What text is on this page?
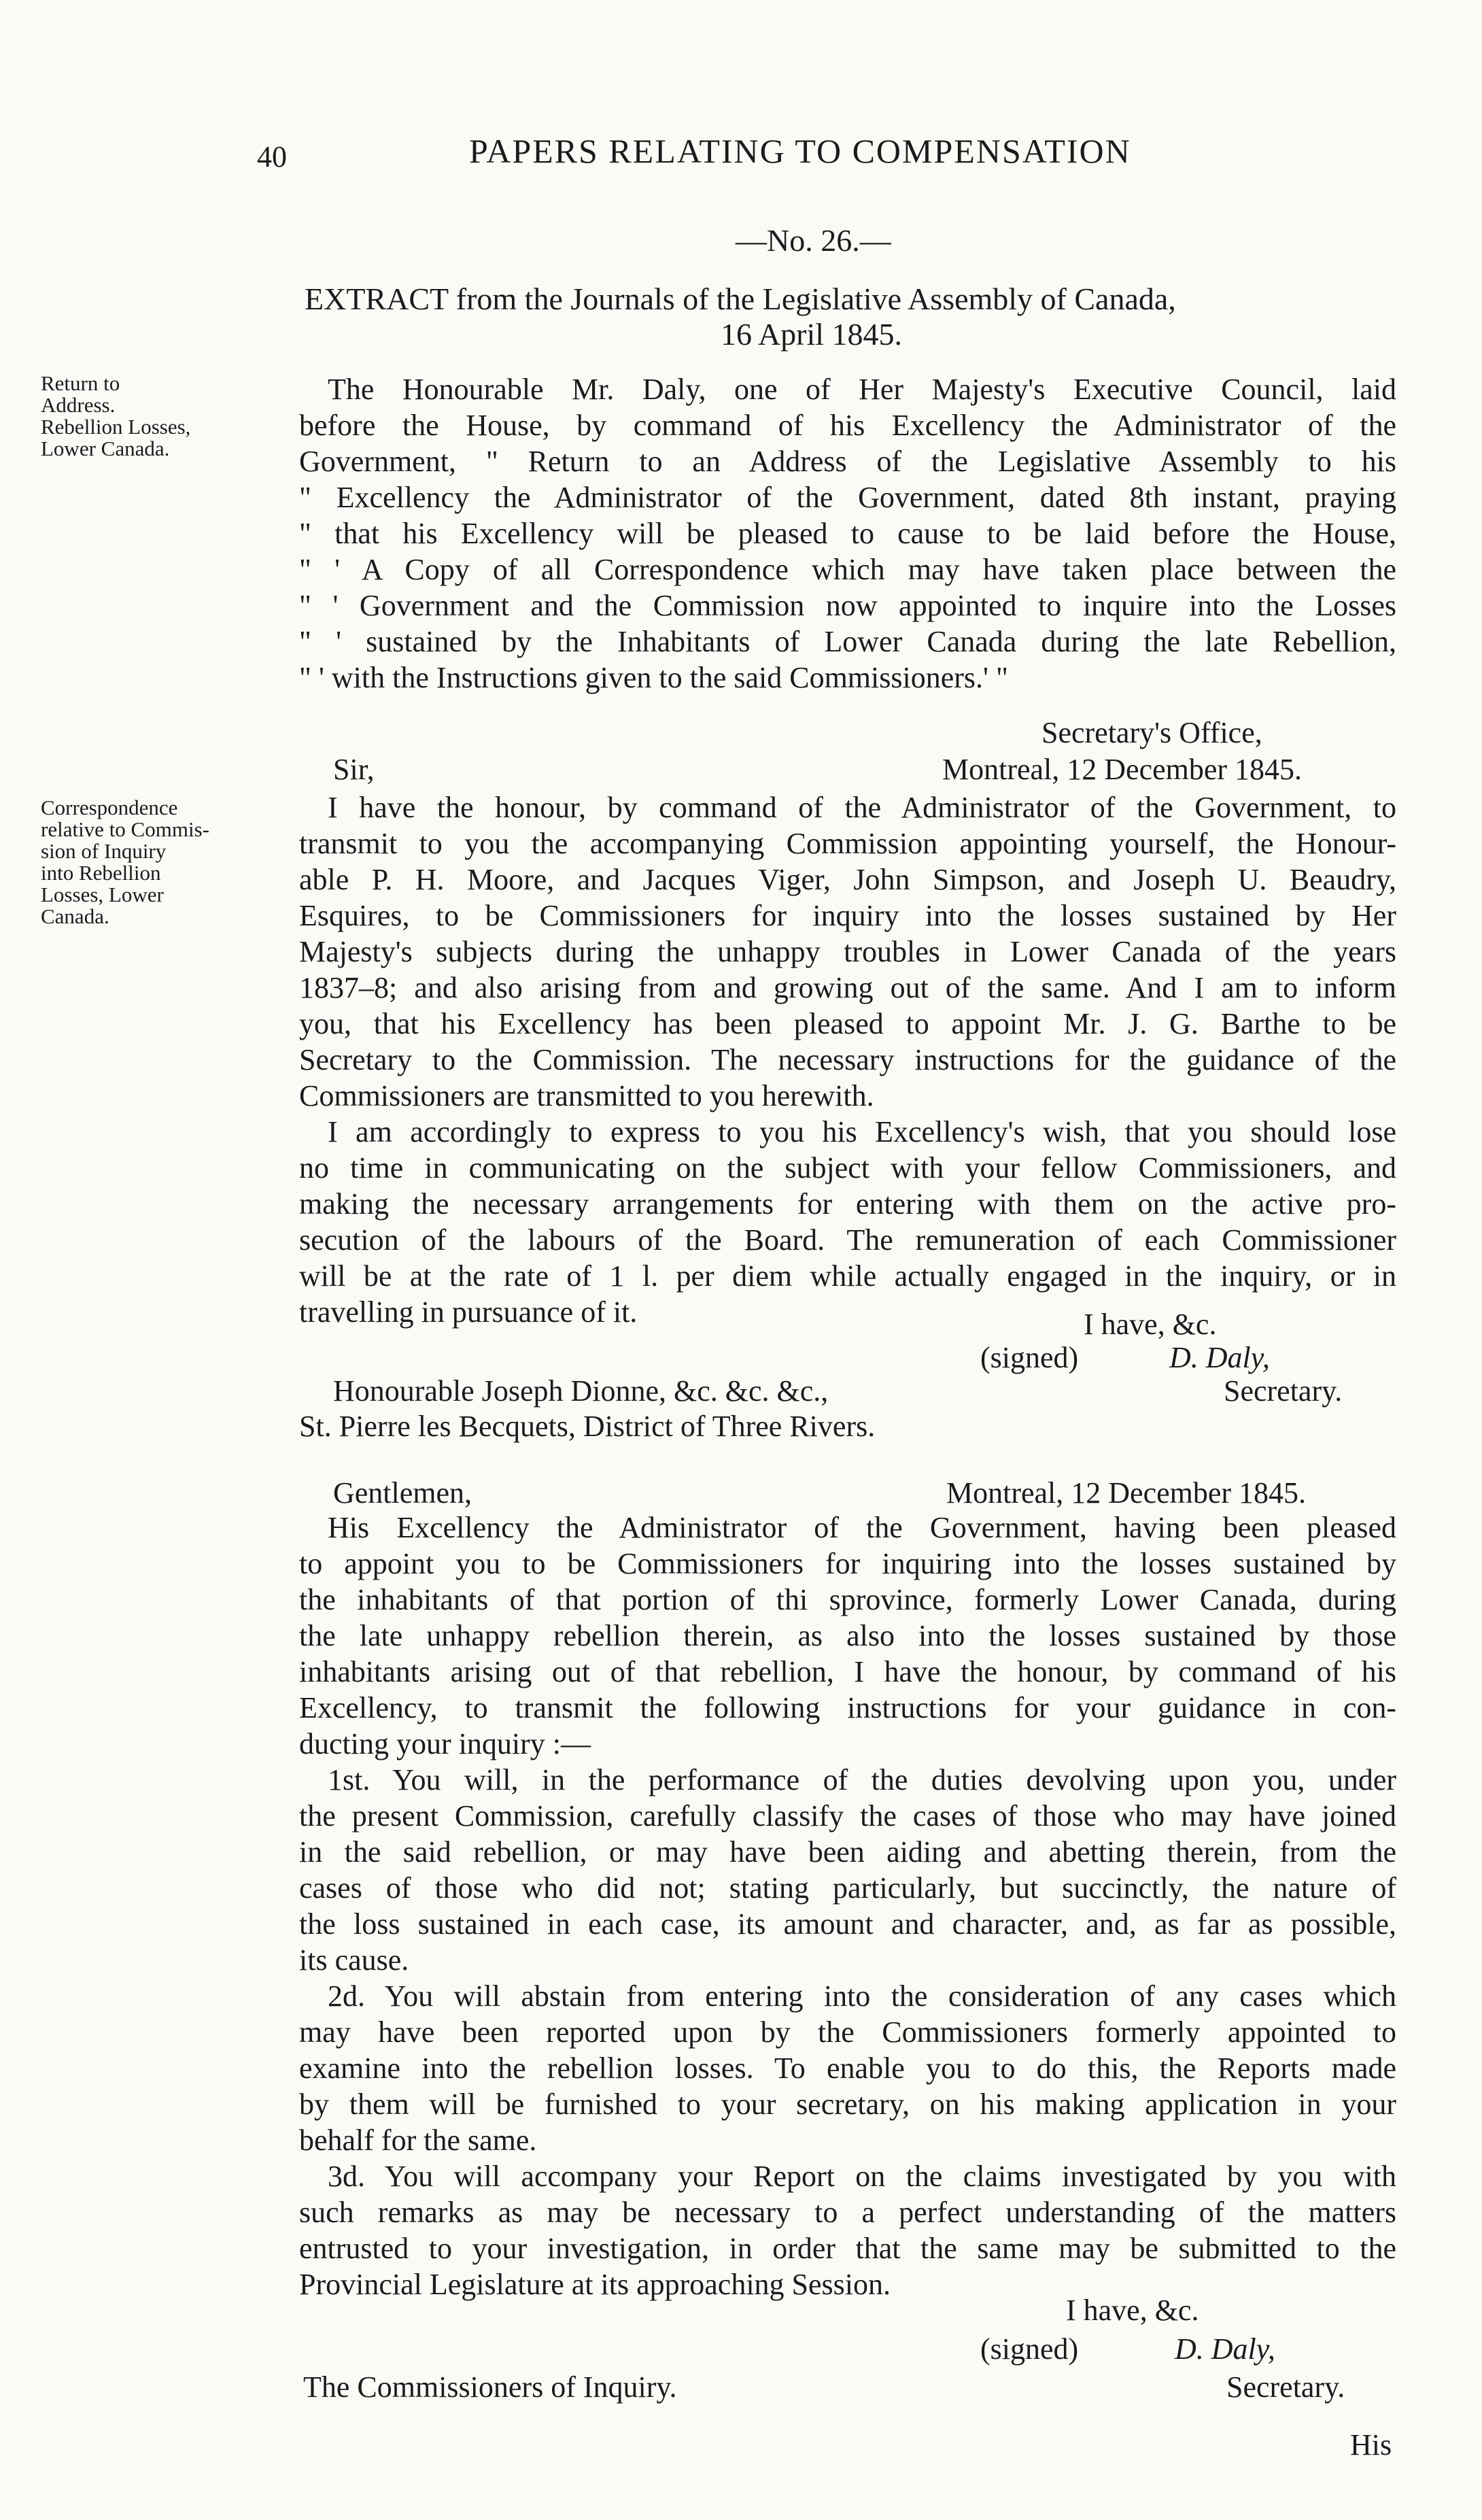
40	PAPERS RELATING TO COMPENSATION
—No. 26.—
EXTRACT from the Journals of the Legislative Assembly of Canada,
16 April 1845.
Return to
Address.
Rebellion Losses,
Lower Canada.
Correspondence
relative to Commis-
sion of Inquiry
into Rebellion
Losses, Lower
Canada.
The Honourable Mr. Daly, one of Her Majesty's Executive Council, laid
before the House, by command of his Excellency the Administrator of the
Government, " Return to an Address of the Legislative Assembly to his
" Excellency the Administrator of the Government, dated 8th instant, praying
" that his Excellency will be pleased to cause to be laid before the House,
" ' A Copy of all Correspondence which may have taken place between the
" ' Government and the Commission now appointed to inquire into the Losses
" ' sustained by the Inhabitants of Lower Canada during the late Rebellion,
" ' with the Instructions given to the said Commissioners.' "
Secretary's Office,
Sir,	Montreal, 12 December 1845.
I have the honour, by command of the Administrator of the Government, to
transmit to you the accompanying Commission appointing yourself, the Honour-
able P. H. Moore, and Jacques Viger, John Simpson, and Joseph U. Beaudry,
Esquires, to be Commissioners for inquiry into the losses sustained by Her
Majesty's subjects during the unhappy troubles in Lower Canada of the years
1837–8; and also arising from and growing out of the same. And I am to inform
you, that his Excellency has been pleased to appoint Mr. J. G. Barthe to be
Secretary to the Commission. The necessary instructions for the guidance of the
Commissioners are transmitted to you herewith.
I am accordingly to express to you his Excellency's wish, that you should lose
no time in communicating on the subject with your fellow Commissioners, and
making the necessary arrangements for entering with them on the active pro-
secution of the labours of the Board. The remuneration of each Commissioner
will be at the rate of 1 l. per diem while actually engaged in the inquiry, or in
travelling in pursuance of it.	I have, &c.
(signed)	D. Daly,
Secretary.
Honourable Joseph Dionne, &c. &c. &c.,
St. Pierre les Becquets, District of Three Rivers.
Gentlemen,	Montreal, 12 December 1845.
His Excellency the Administrator of the Government, having been pleased
to appoint you to be Commissioners for inquiring into the losses sustained by
the inhabitants of that portion of thi sprovince, formerly Lower Canada, during
the late unhappy rebellion therein, as also into the losses sustained by those
inhabitants arising out of that rebellion, I have the honour, by command of his
Excellency, to transmit the following instructions for your guidance in con-
ducting your inquiry :—
1st. You will, in the performance of the duties devolving upon you, under
the present Commission, carefully classify the cases of those who may have joined
in the said rebellion, or may have been aiding and abetting therein, from the
cases of those who did not; stating particularly, but succinctly, the nature of
the loss sustained in each case, its amount and character, and, as far as possible,
its cause.
2d. You will abstain from entering into the consideration of any cases which
may have been reported upon by the Commissioners formerly appointed to
examine into the rebellion losses. To enable you to do this, the Reports made
by them will be furnished to your secretary, on his making application in your
behalf for the same.
3d. You will accompany your Report on the claims investigated by you with
such remarks as may be necessary to a perfect understanding of the matters
entrusted to your investigation, in order that the same may be submitted to the
Provincial Legislature at its approaching Session.
I have, &c.
(signed)	D. Daly,
The Commissioners of Inquiry.	Secretary.
His
